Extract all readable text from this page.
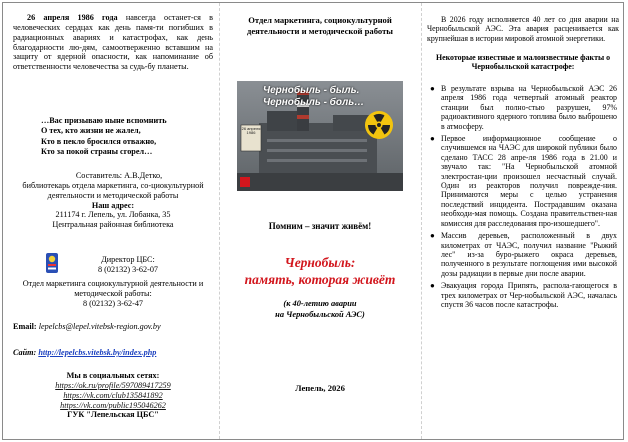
26 апреля 1986 года навсегда останет-ся в человеческих сердцах как день памя-ти погибших в радиационных авариях и катастрофах, как день благодарности лю-дям, самоотверженно вставшим на защиту от ядерной опасности, как напоминание об ответственности человечества за судь-бу планеты.

…Вас призываю ныне вспомнить
О тех, кто жизни не жалел,
Кто в пекло бросился отважно,
Кто за покой страны сгорел…
Составитель: А.В.Детко,
библиотекарь отдела маркетинга, со-циокультурной деятельности и методической работы
Наш адрес:
211174 г. Лепель, ул. Лобанка, 35
Центральная районная библиотека
Директор ЦБС:
8 (02132) 3-62-07
Отдел маркетинга социокультурной деятельности и методической работы:
8 (02132) 3-62-47
Email: lepelcbs@lepel.vitebsk-region.gov.by
Сайт: http://lepelcbs.vitebsk.by/index.php
Мы в социальных сетях:
https://ok.ru/profile/597089417259
https://vk.com/club135841892
https://vk.com/public195046262
ГУК "Лепельская ЦБС"
Отдел маркетинга, социокультурной деятельности и методической работы
Чернобыль - быль. Чернобыль - боль…
26 апреля 1986
Помним – значит живём!
Чернобыль:
память, которая живёт
(к 40-летию аварии
на Чернобыльской АЭС)
Лепель, 2026

В 2026 году исполняется 40 лет со дня аварии на Чернобыльской АЭС. Эта авария расценивается как крупнейшая в истории мировой атомной энергетики.

Некоторые известные и малоизвестные факты о Чернобыльской катастрофе:
● В результате взрыва на Чернобыльской АЭС 26 апреля 1986 года четвертый атомный реактор станции был полно-стью разрушен, 97% радиоактивного ядерного топлива было выброшено в атмосферу.
● Первое информационное сообщение о случившемся на ЧАЭС для широкой публики было сделано ТАСС 28 апре-ля 1986 года в 21.00 и звучало так: "На Чернобыльской атомной электростан-ции произошел несчастный случай. Один из реакторов получил поврежде-ния. Принимаются меры с целью устранения последствий инцидента. Пострадавшим оказана необходи-мая помощь. Создана правительствен-ная комиссия для расследования про-изошедшего".
● Массив деревьев, расположенный в двух километрах от ЧАЭС, получил название "Рыжий лес" из-за буро-рыжего окраса деревьев, полученного в результате поглощения ими высокой дозы радиации в первые дни после аварии.
● Эвакуация города Припять, распола-гающегося в трех километрах от Чер-нобыльской АЭС, началась спустя 36 часов после катастрофы.
